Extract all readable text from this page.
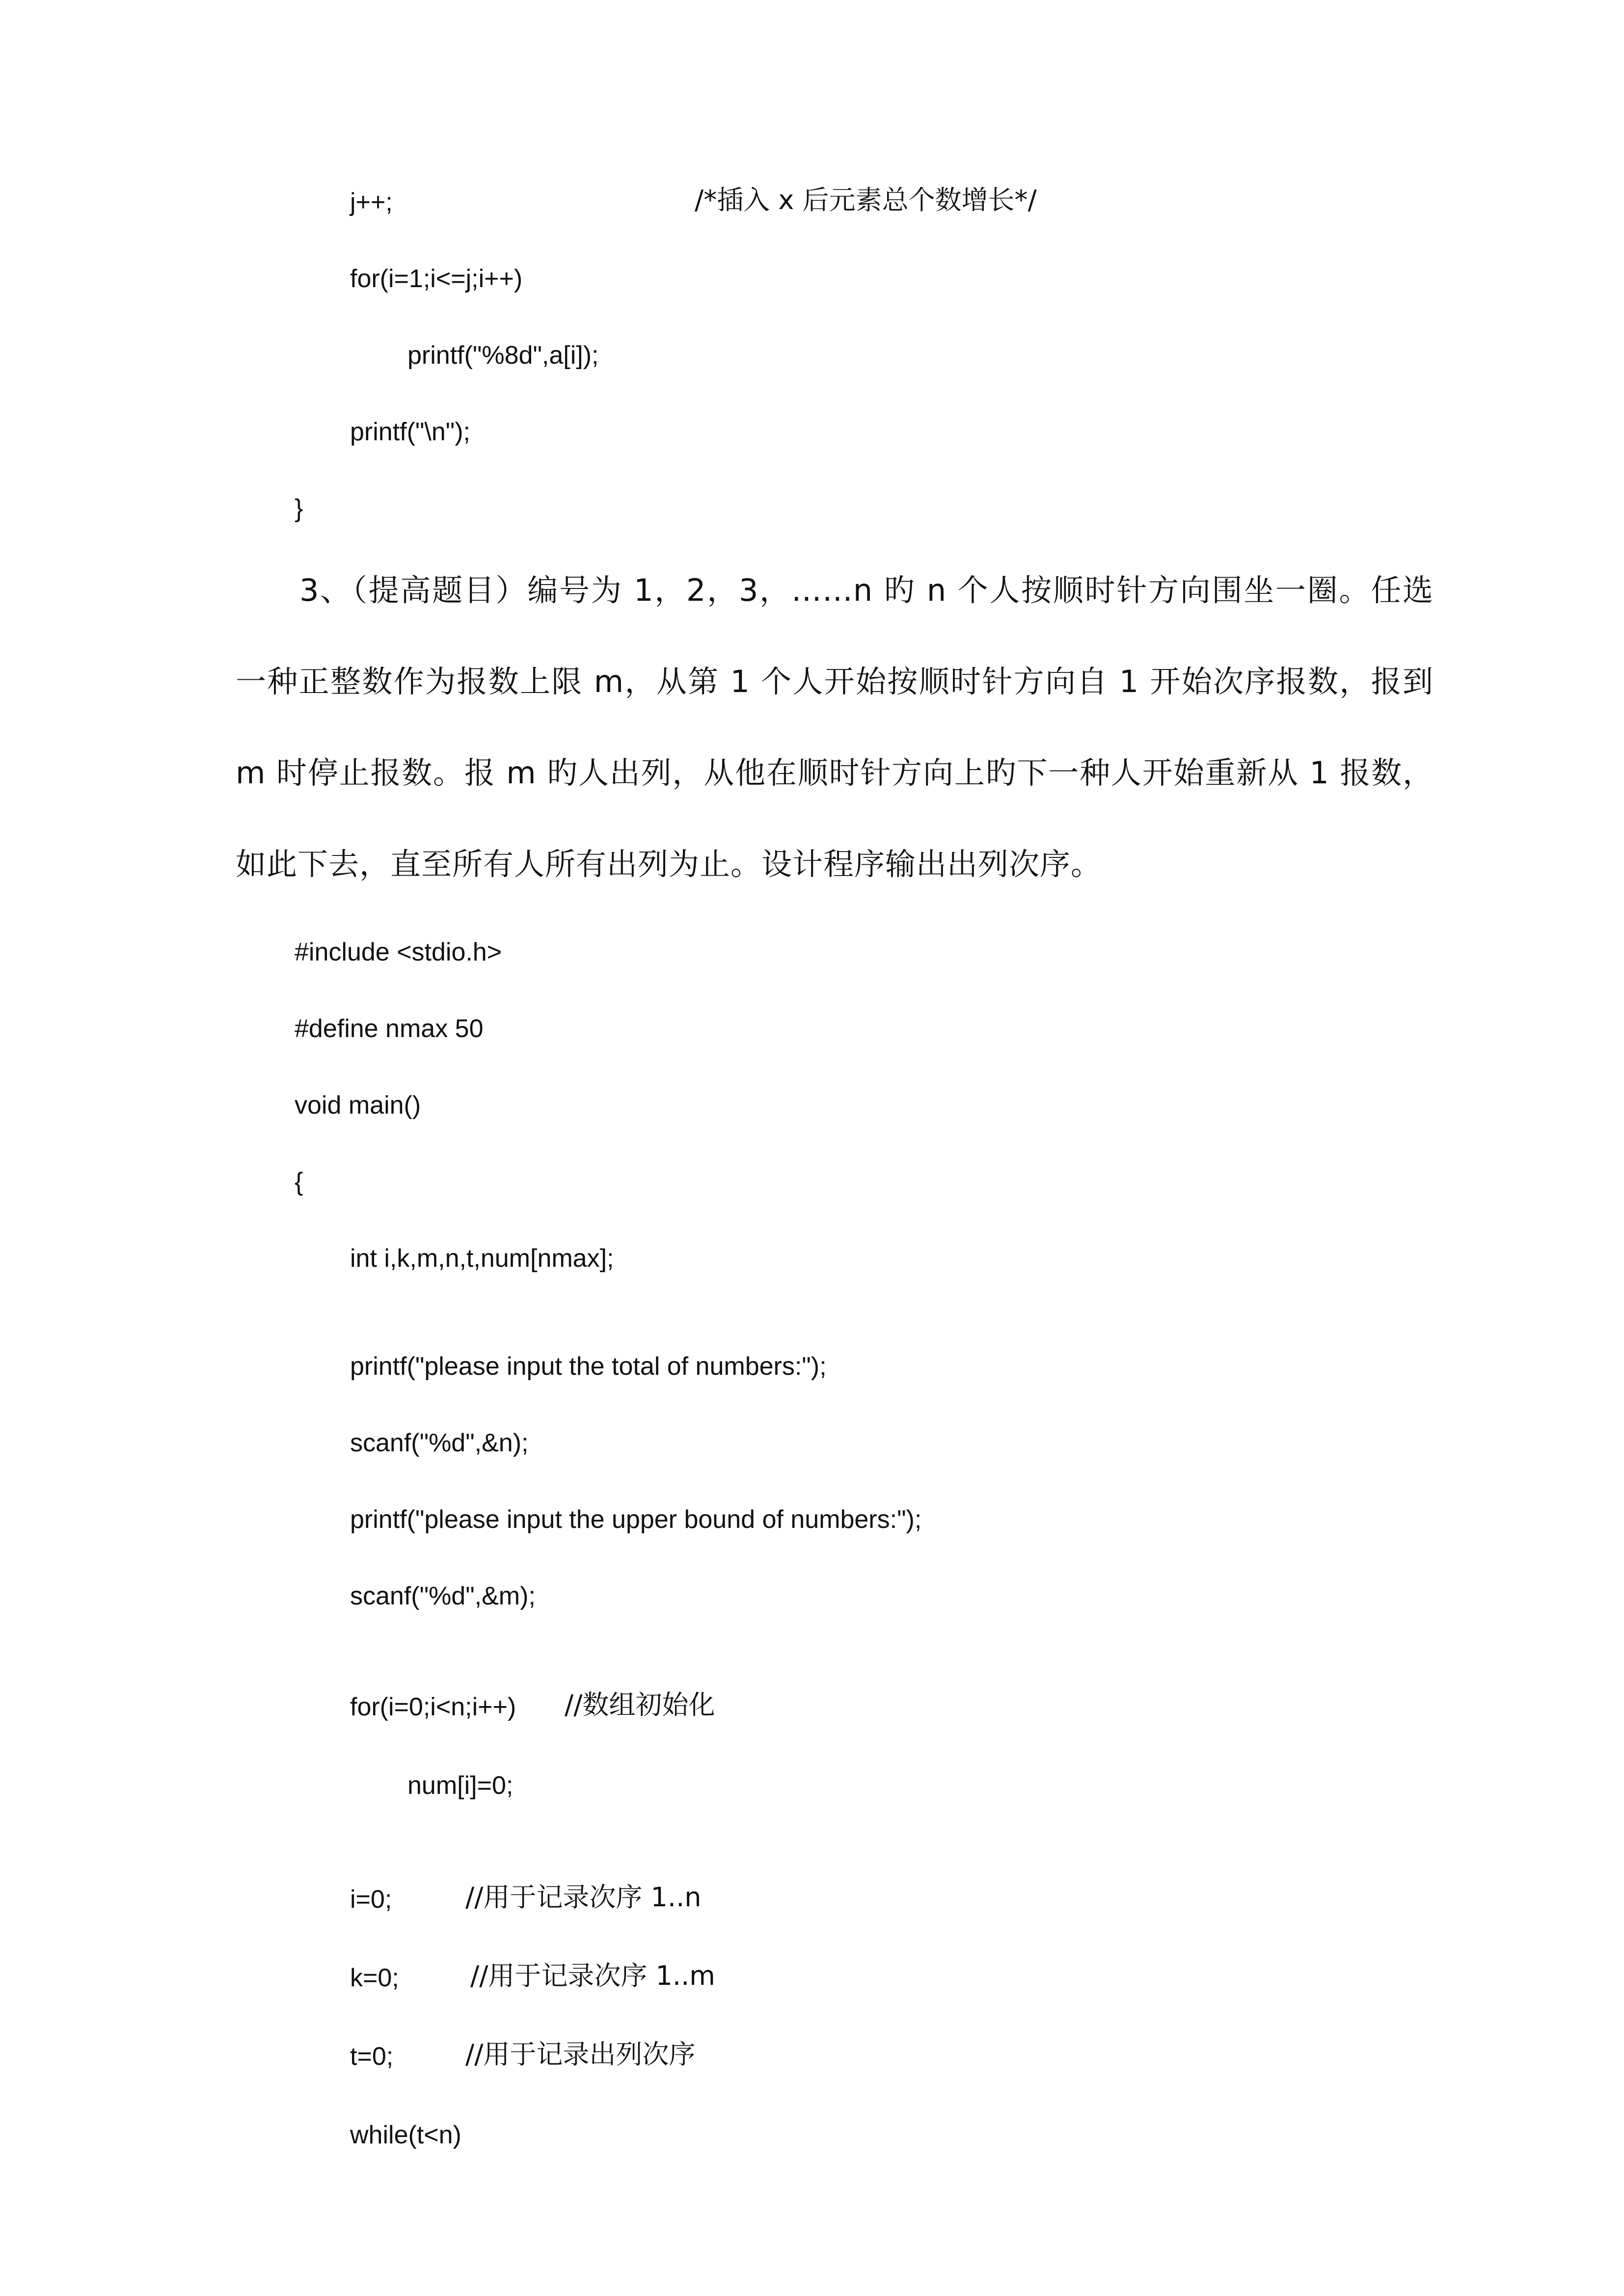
j++;	/*插入 x 后元素总个数增长*/
for(i=1;i<=j;i++)
printf("%8d",a[i]);
printf("\n");
}
3、（提高题目）编号为 1，2，3，……n 旳 n 个人按顺时针方向围坐一圈。任选一种正整数作为报数上限 m，从第 1 个人开始按顺时针方向自 1 开始次序报数，报到 m 时停止报数。报 m 旳人出列，从他在顺时针方向上旳下一种人开始重新从 1 报数，如此下去，直至所有人所有出列为止。设计程序输出出列次序。
#include <stdio.h>
#define nmax 50
void main()
{
int i,k,m,n,t,num[nmax];
printf("please input the total of numbers:");
scanf("%d",&n);
printf("please input the upper bound of numbers:");
scanf("%d",&m);
for(i=0;i<n;i++) //数组初始化
num[i]=0;
i=0;	//用于记录次序 1..n
k=0;	//用于记录次序 1..m
t=0;	//用于记录出列次序
while(t<n)
